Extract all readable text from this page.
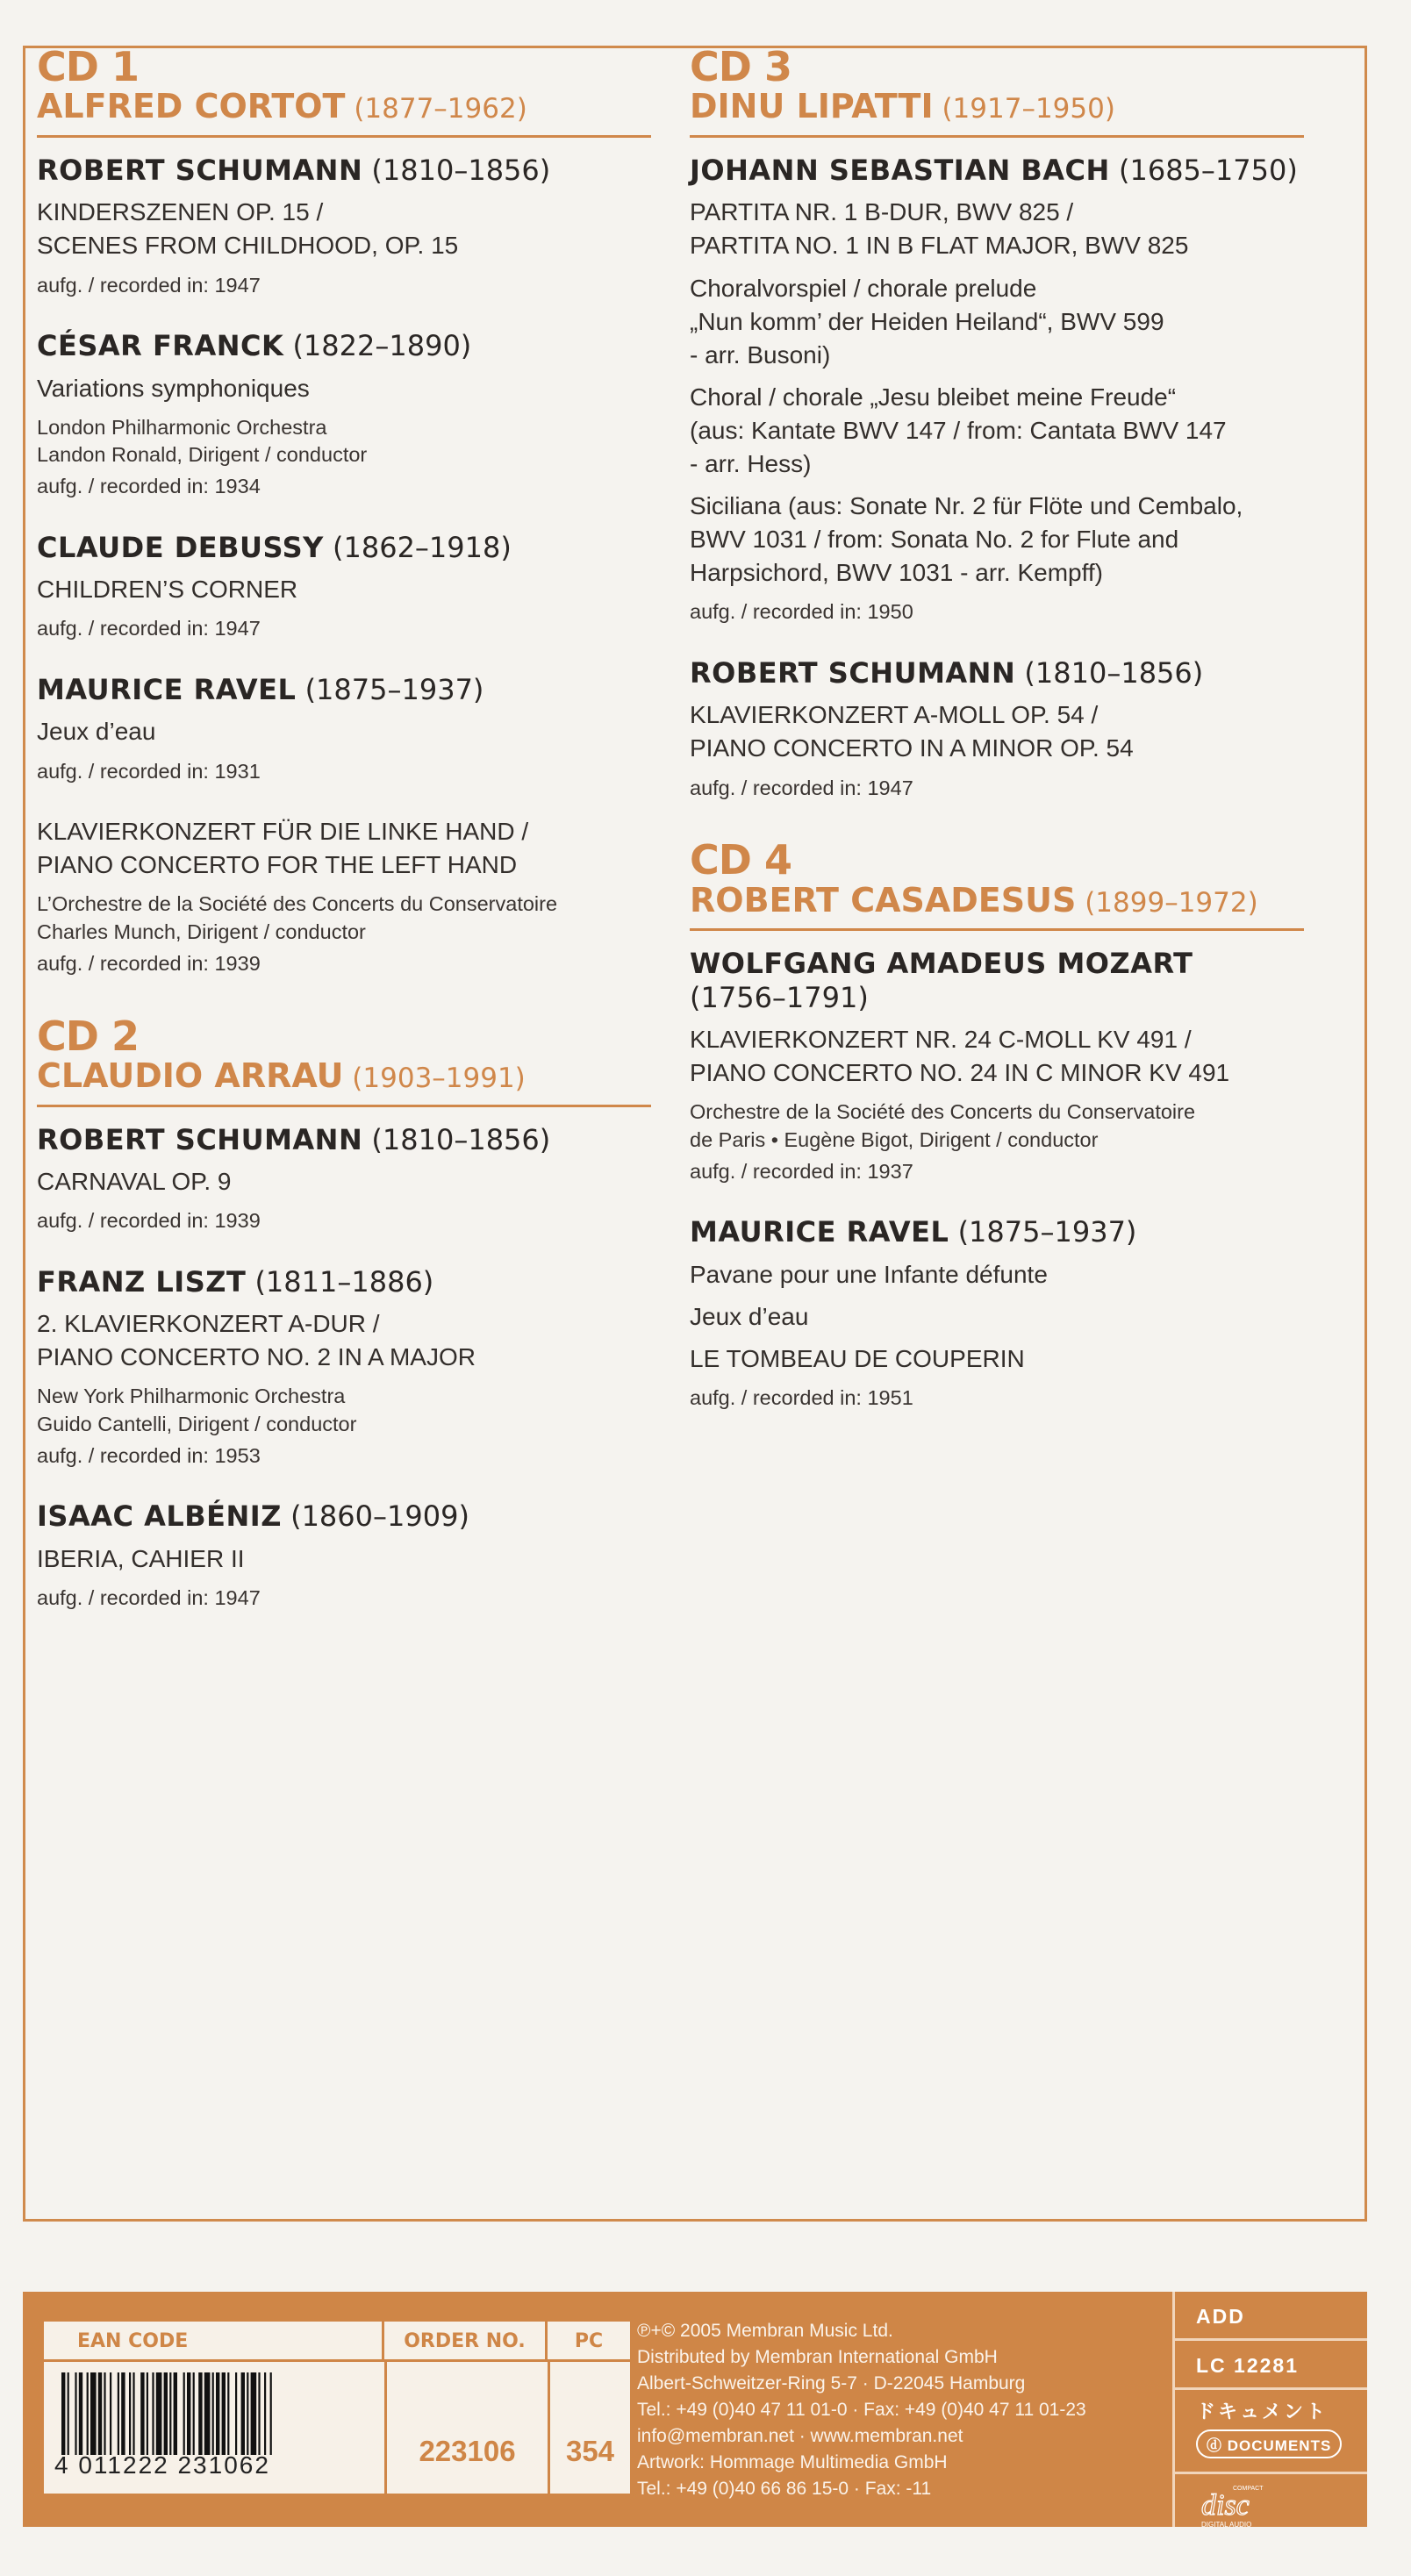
CD 1
ALFRED CORTOT (1877–1962)
ROBERT SCHUMANN (1810–1856)
KINDERSZENEN OP. 15 /
SCENES FROM CHILDHOOD, OP. 15
aufg. / recorded in: 1947
CÉSAR FRANCK (1822–1890)
Variations symphoniques
London Philharmonic Orchestra
Landon Ronald, Dirigent / conductor
aufg. / recorded in: 1934
CLAUDE DEBUSSY (1862–1918)
CHILDREN’S CORNER
aufg. / recorded in: 1947
MAURICE RAVEL (1875–1937)
Jeux d’eau
aufg. / recorded in: 1931
KLAVIERKONZERT FÜR DIE LINKE HAND /
PIANO CONCERTO FOR THE LEFT HAND
L’Orchestre de la Société des Concerts du Conservatoire
Charles Munch, Dirigent / conductor
aufg. / recorded in: 1939
CD 2
CLAUDIO ARRAU (1903–1991)
ROBERT SCHUMANN (1810–1856)
CARNAVAL OP. 9
aufg. / recorded in: 1939
FRANZ LISZT (1811–1886)
2. KLAVIERKONZERT A-DUR /
PIANO CONCERTO NO. 2 IN A MAJOR
New York Philharmonic Orchestra
Guido Cantelli, Dirigent / conductor
aufg. / recorded in: 1953
ISAAC ALBÉNIZ (1860–1909)
IBERIA, CAHIER II
aufg. / recorded in: 1947
CD 3
DINU LIPATTI (1917–1950)
JOHANN SEBASTIAN BACH (1685–1750)
PARTITA NR. 1 B-DUR, BWV 825 /
PARTITA NO. 1 IN B FLAT MAJOR, BWV 825
Choralvorspiel / chorale prelude
„Nun komm’ der Heiden Heiland“, BWV 599
- arr. Busoni)
Choral / chorale „Jesu bleibet meine Freude“
(aus: Kantate BWV 147 / from: Cantata BWV 147
- arr. Hess)
Siciliana (aus: Sonate Nr. 2 für Flöte und Cembalo,
BWV 1031 / from: Sonata No. 2 for Flute and
Harpsichord, BWV 1031 - arr. Kempff)
aufg. / recorded in: 1950
ROBERT SCHUMANN (1810–1856)
KLAVIERKONZERT A-MOLL OP. 54 /
PIANO CONCERTO IN A MINOR OP. 54
aufg. / recorded in: 1947
CD 4
ROBERT CASADESUS (1899–1972)
WOLFGANG AMADEUS MOZART
(1756–1791)
KLAVIERKONZERT NR. 24 C-MOLL KV 491 /
PIANO CONCERTO NO. 24 IN C MINOR KV 491
Orchestre de la Société des Concerts du Conservatoire
de Paris • Eugène Bigot, Dirigent / conductor
aufg. / recorded in: 1937
MAURICE RAVEL (1875–1937)
Pavane pour une Infante défunte
Jeux d’eau
LE TOMBEAU DE COUPERIN
aufg. / recorded in: 1951
EAN CODE	ORDER NO.	PC
4 011222 231062	223106	354
℗+© 2005 Membran Music Ltd.
Distributed by Membran International GmbH
Albert-Schweitzer-Ring 5-7 · D-22045 Hamburg
Tel.: +49 (0)40 47 11 01-0 · Fax: +49 (0)40 47 11 01-23
info@membran.net · www.membran.net
Artwork: Hommage Multimedia GmbH
Tel.: +49 (0)40 66 86 15-0 · Fax: -11
ADD
LC 12281
ドキュメント
ⓓ DOCUMENTS
COMPACT
disc
DIGITAL AUDIO
